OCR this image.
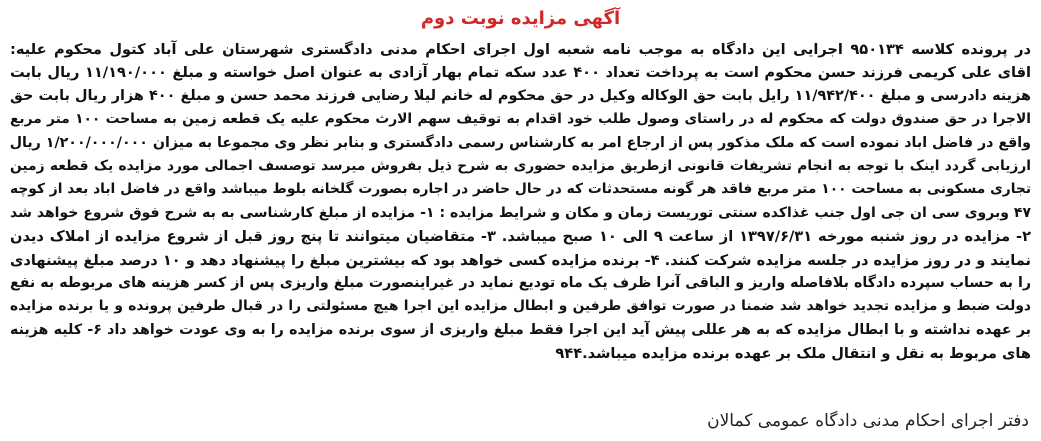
آگهی مزایده نوبت دوم
در پرونده کلاسه ۹۵۰۱۳۴ اجرایی این دادگاه به موجب نامه شعبه اول اجرای احکام مدنی دادگستری شهرستان علی آباد کتول محکوم علیه:
اقای علی کریمی فرزند حسن محکوم است به پرداخت تعداد ۴۰۰ عدد سکه تمام بهار آزادی به عنوان اصل خواسته و مبلغ ۱۱/۱۹۰/۰۰۰ ریال بابت
هزینه دادرسی و مبلغ ۱۱/۹۴۲/۴۰۰ رایل بابت حق الوکاله وکیل در حق محکوم له خانم لیلا رضایی فرزند محمد حسن و مبلغ ۴۰۰ هزار ریال بابت حق
الاجرا در حق صندوق دولت که محکوم له در راستای وصول طلب خود اقدام به توقیف سهم الارث محکوم علیه یک قطعه زمین به مساحت ۱۰۰ متر مربع
واقع در فاضل اباد نموده است که ملک مذکور پس از ارجاع امر به کارشناس رسمی دادگستری و بنابر نظر وی مجموعا به میزان ۱/۲۰۰/۰۰۰/۰۰۰ ریال
ارزیابی گردد اینک با توجه به انجام تشریفات قانونی ازطریق مزایده حضوری به شرح ذیل بفروش میرسد توصسف اجمالی مورد مزایده یک قطعه زمین
تجاری مسکونی به مساحت ۱۰۰ متر مربع فاقد هر گونه مستحدثات که در حال حاضر در اجاره بصورت گلخانه بلوط میباشد واقع در فاضل اباد بعد از کوچه
۴۷ وبروی سی ان جی اول جنب غذاکده سنتی توریست زمان و مکان و شرایط مزایده : ۱- مزایده از مبلغ کارشناسی به به شرح فوق شروع خواهد شد
۲- مزایده در روز شنبه مورخه ۱۳۹۷/۶/۳۱ از ساعت ۹ الی ۱۰ صبح میباشد. ۳- متقاضیان میتوانند تا پنج روز قبل از شروع مزایده از املاک دیدن
نمایند و در روز مزایده در جلسه مزایده شرکت کنند. ۴- برنده مزایده کسی خواهد بود که بیشترین مبلغ را پیشنهاد دهد و ۱۰ درصد مبلغ پیشنهادی
را به حساب سپرده دادگاه بلافاصله واریز و الباقی آنرا ظرف یک ماه تودیع نماید در غیراینصورت مبلغ واریزی پس از کسر هزینه های مربوطه به نفع
دولت ضبط و مزایده تجدید خواهد شد ضمنا در صورت توافق طرفین و ابطال مزایده این اجرا هیچ مسئولتی را در قبال طرفین پرونده و یا برنده مزایده
بر عهده نداشته و با ابطال مزایده که به هر عللی پیش آید این اجرا فقط مبلغ واریزی از سوی برنده مزایده را به وی عودت خواهد داد ۶- کلیه هزینه
های مربوط به نقل و انتقال ملک بر عهده برنده مزایده میباشد.۹۴۴

دفتر اجرای احکام مدنی دادگاه عمومی کمالان
